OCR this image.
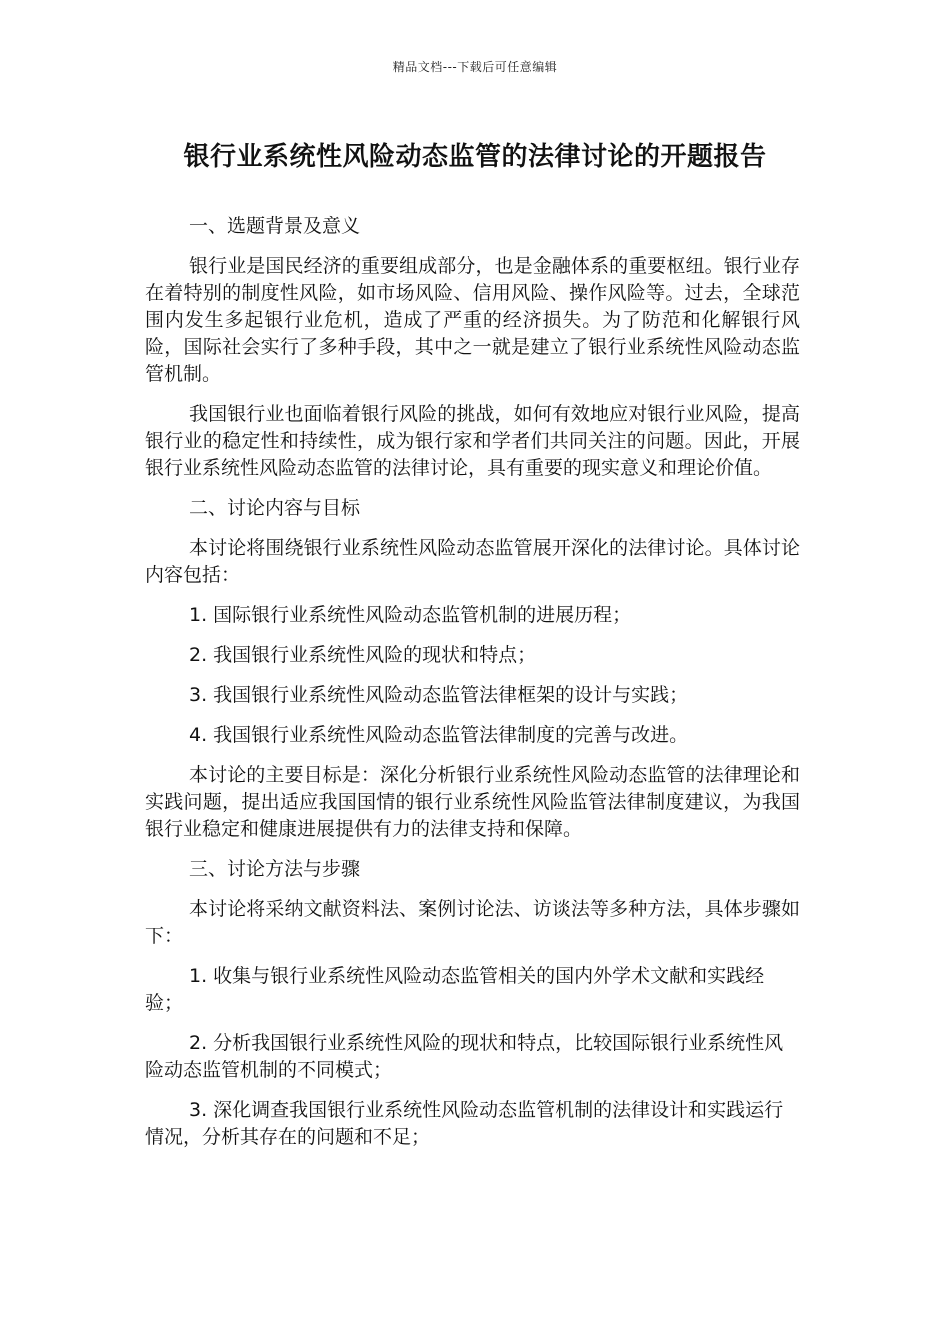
精品文档---下载后可任意编辑
银行业系统性风险动态监管的法律讨论的开题报告

一、选题背景及意义

银行业是国民经济的重要组成部分，也是金融体系的重要枢纽。银行业存在着特别的制度性风险，如市场风险、信用风险、操作风险等。过去，全球范围内发生多起银行业危机，造成了严重的经济损失。为了防范和化解银行风险，国际社会实行了多种手段，其中之一就是建立了银行业系统性风险动态监管机制。

我国银行业也面临着银行风险的挑战，如何有效地应对银行业风险，提高银行业的稳定性和持续性，成为银行家和学者们共同关注的问题。因此，开展银行业系统性风险动态监管的法律讨论，具有重要的现实意义和理论价值。

二、讨论内容与目标

本讨论将围绕银行业系统性风险动态监管展开深化的法律讨论。具体讨论内容包括：

1. 国际银行业系统性风险动态监管机制的进展历程；

2. 我国银行业系统性风险的现状和特点；

3. 我国银行业系统性风险动态监管法律框架的设计与实践；

4. 我国银行业系统性风险动态监管法律制度的完善与改进。

本讨论的主要目标是：深化分析银行业系统性风险动态监管的法律理论和实践问题，提出适应我国国情的银行业系统性风险监管法律制度建议，为我国银行业稳定和健康进展提供有力的法律支持和保障。

三、讨论方法与步骤

本讨论将采纳文献资料法、案例讨论法、访谈法等多种方法，具体步骤如下：

1. 收集与银行业系统性风险动态监管相关的国内外学术文献和实践经验；

2. 分析我国银行业系统性风险的现状和特点，比较国际银行业系统性风险动态监管机制的不同模式；

3. 深化调查我国银行业系统性风险动态监管机制的法律设计和实践运行情况，分析其存在的问题和不足；
